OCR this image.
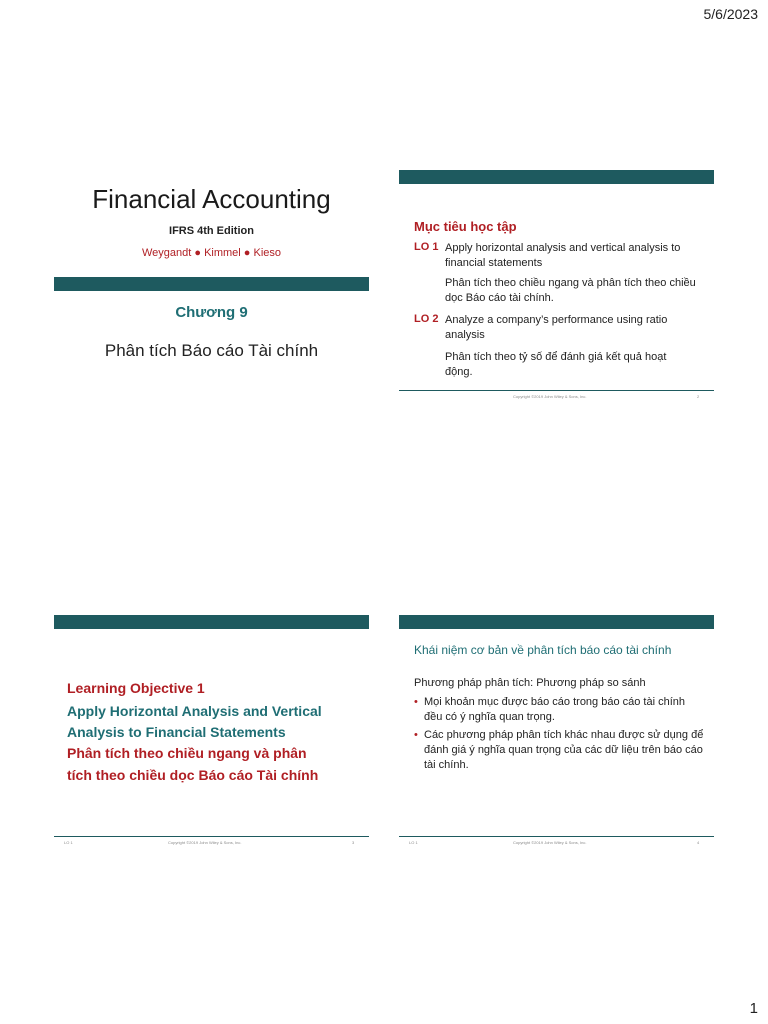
5/6/2023
Financial Accounting
IFRS 4th Edition
Weygandt ● Kimmel ● Kieso
Chương 9
Phân tích Báo cáo Tài chính
Mục tiêu học tập
LO 1 Apply horizontal analysis and vertical analysis to financial statements
Phân tích theo chiều ngang và phân tích theo chiều dọc Báo cáo tài chính.
LO 2 Analyze a company’s performance using ratio analysis
Phân tích theo tỷ số để đánh giá kết quả hoạt động.
Copyright ©2019 John Wiley & Sons, Inc.	2
Learning Objective 1
Apply Horizontal Analysis and Vertical
Analysis to Financial Statements
Phân tích theo chiều ngang và phân
tích theo chiều dọc Báo cáo Tài chính
LO 1	Copyright ©2019 John Wiley & Sons, Inc.	3
Khái niệm cơ bản về phân tích báo cáo tài chính
Phương pháp phân tích: Phương pháp so sánh
• Mọi khoản mục được báo cáo trong báo cáo tài chính đều có ý nghĩa quan trọng.
• Các phương pháp phân tích khác nhau được sử dụng để đánh giá ý nghĩa quan trọng của các dữ liệu trên báo cáo tài chính.
LO 1	Copyright ©2019 John Wiley & Sons, Inc.	4
1
